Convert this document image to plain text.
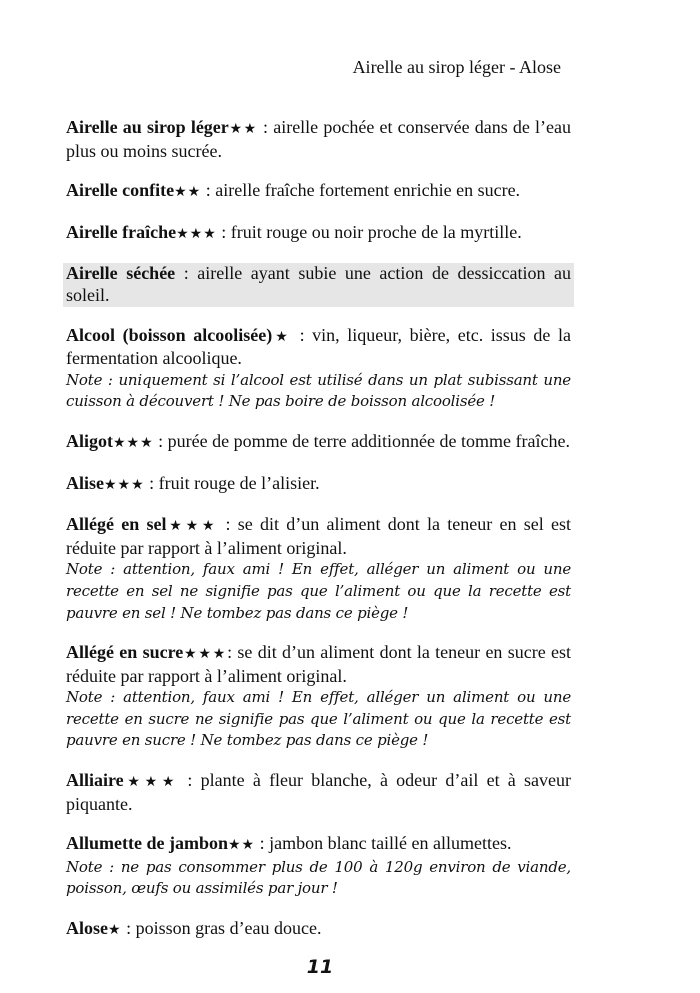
Airelle au sirop léger - Alose
Airelle au sirop léger★★ : airelle pochée et conservée dans de l’eau plus ou moins sucrée.
Airelle confite★★ : airelle fraîche fortement enrichie en sucre.
Airelle fraîche★★★ : fruit rouge ou noir proche de la myrtille.
Airelle séchée : airelle ayant subie une action de dessiccation au soleil.
Alcool (boisson alcoolisée)★ : vin, liqueur, bière, etc. issus de la fermentation alcoolique.
Note : uniquement si l’alcool est utilisé dans un plat subissant une cuisson à découvert ! Ne pas boire de boisson alcoolisée !
Aligot★★★ : purée de pomme de terre additionnée de tomme fraîche.
Alise★★★ : fruit rouge de l’alisier.
Allégé en sel★★★ : se dit d’un aliment dont la teneur en sel est réduite par rapport à l’aliment original.
Note : attention, faux ami ! En effet, alléger un aliment ou une recette en sel ne signifie pas que l’aliment ou que la recette est pauvre en sel ! Ne tombez pas dans ce piège !
Allégé en sucre★★★: se dit d’un aliment dont la teneur en sucre est réduite par rapport à l’aliment original.
Note : attention, faux ami ! En effet, alléger un aliment ou une recette en sucre ne signifie pas que l’aliment ou que la recette est pauvre en sucre ! Ne tombez pas dans ce piège !
Alliaire★★★ : plante à fleur blanche, à odeur d’ail et à saveur piquante.
Allumette de jambon★★ : jambon blanc taillé en allumettes.
Note : ne pas consommer plus de 100 à 120g environ de viande, poisson, œufs ou assimilés par jour !
Alose★ : poisson gras d’eau douce.
11
